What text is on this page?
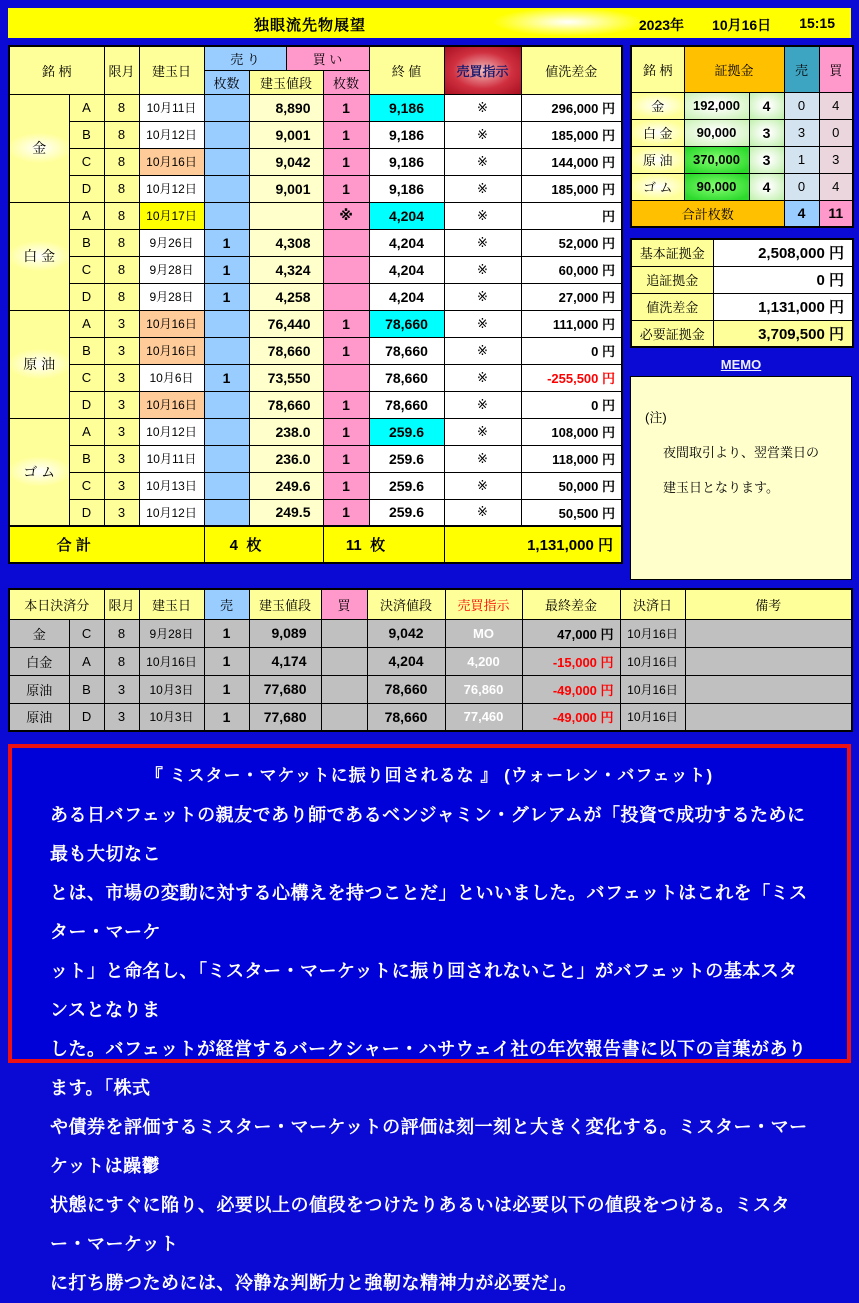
独眼流先物展望	2023年 10月16日 15:15
銘 柄		限月	建玉日	売 り		買 い		終 値	売買指示	値洗差金
				枚数	建玉値段		枚数			
金	A	8	10月11日		8,890		1	9,186	※	296,000 円
	B	8	10月12日		9,001		1	9,186	※	185,000 円
	C	8	10月16日		9,042		1	9,186	※	144,000 円
	D	8	10月12日		9,001		1	9,186	※	185,000 円
白 金	A	8	10月17日				※	4,204	※	円
	B	8	9月26日	1	4,308			4,204	※	52,000 円
	C	8	9月28日	1	4,324			4,204	※	60,000 円
	D	8	9月28日	1	4,258			4,204	※	27,000 円
原 油	A	3	10月16日		76,440		1	78,660	※	111,000 円
	B	3	10月16日		78,660		1	78,660	※	0 円
	C	3	10月6日	1	73,550			78,660	※	-255,500 円
	D	3	10月16日		78,660		1	78,660	※	0 円
ゴ ム	A	3	10月12日		238.0		1	259.6	※	108,000 円
	B	3	10月11日		236.0		1	259.6	※	118,000 円
	C	3	10月13日		249.6		1	259.6	※	50,000 円
	D	3	10月12日		249.5		1	259.6	※	50,500 円
合 計				4  枚			11  枚		1,131,000 円	
銘 柄	証拠金		売	買
金	192,000	4	0	4
白 金	90,000	3	3	0
原 油	370,000	3	1	3
ゴ ム	90,000	4	0	4
合計枚数			4	11
基本証拠金	2,508,000 円
追証拠金	0 円
値洗差金	1,131,000 円
必要証拠金	3,709,500 円
MEMO
(注)
夜間取引より、翌営業日の
建玉日となります。
本日決済分		限月	建玉日	売	建玉値段	買	決済値段	売買指示	最終差金	決済日	備考
金	C	8	9月28日	1	9,089		9,042	MO	47,000 円	10月16日	
白金	A	8	10月16日	1	4,174		4,204	4,200	-15,000 円	10月16日	
原油	B	3	10月3日	1	77,680		78,660	76,860	-49,000 円	10月16日	
原油	D	3	10月3日	1	77,680		78,660	77,460	-49,000 円	10月16日	
『 ミスター・マケットに振り回されるな 』 (ウォーレン・バフェット)
ある日バフェットの親友であり師であるベンジャミン・グレアムが「投資で成功するために最も大切なこ
とは、市場の変動に対する心構えを持つことだ」といいました。バフェットはこれを「ミスター・マーケ
ット」と命名し、「ミスター・マーケットに振り回されないこと」がバフェットの基本スタンスとなりま
した。バフェットが経営するバークシャー・ハサウェイ社の年次報告書に以下の言葉があります。「株式
や債券を評価するミスター・マーケットの評価は刻一刻と大きく変化する。ミスター・マーケットは躁鬱
状態にすぐに陥り、必要以上の値段をつけたりあるいは必要以下の値段をつける。ミスター・マーケット
に打ち勝つためには、冷静な判断力と強靭な精神力が必要だ」。
